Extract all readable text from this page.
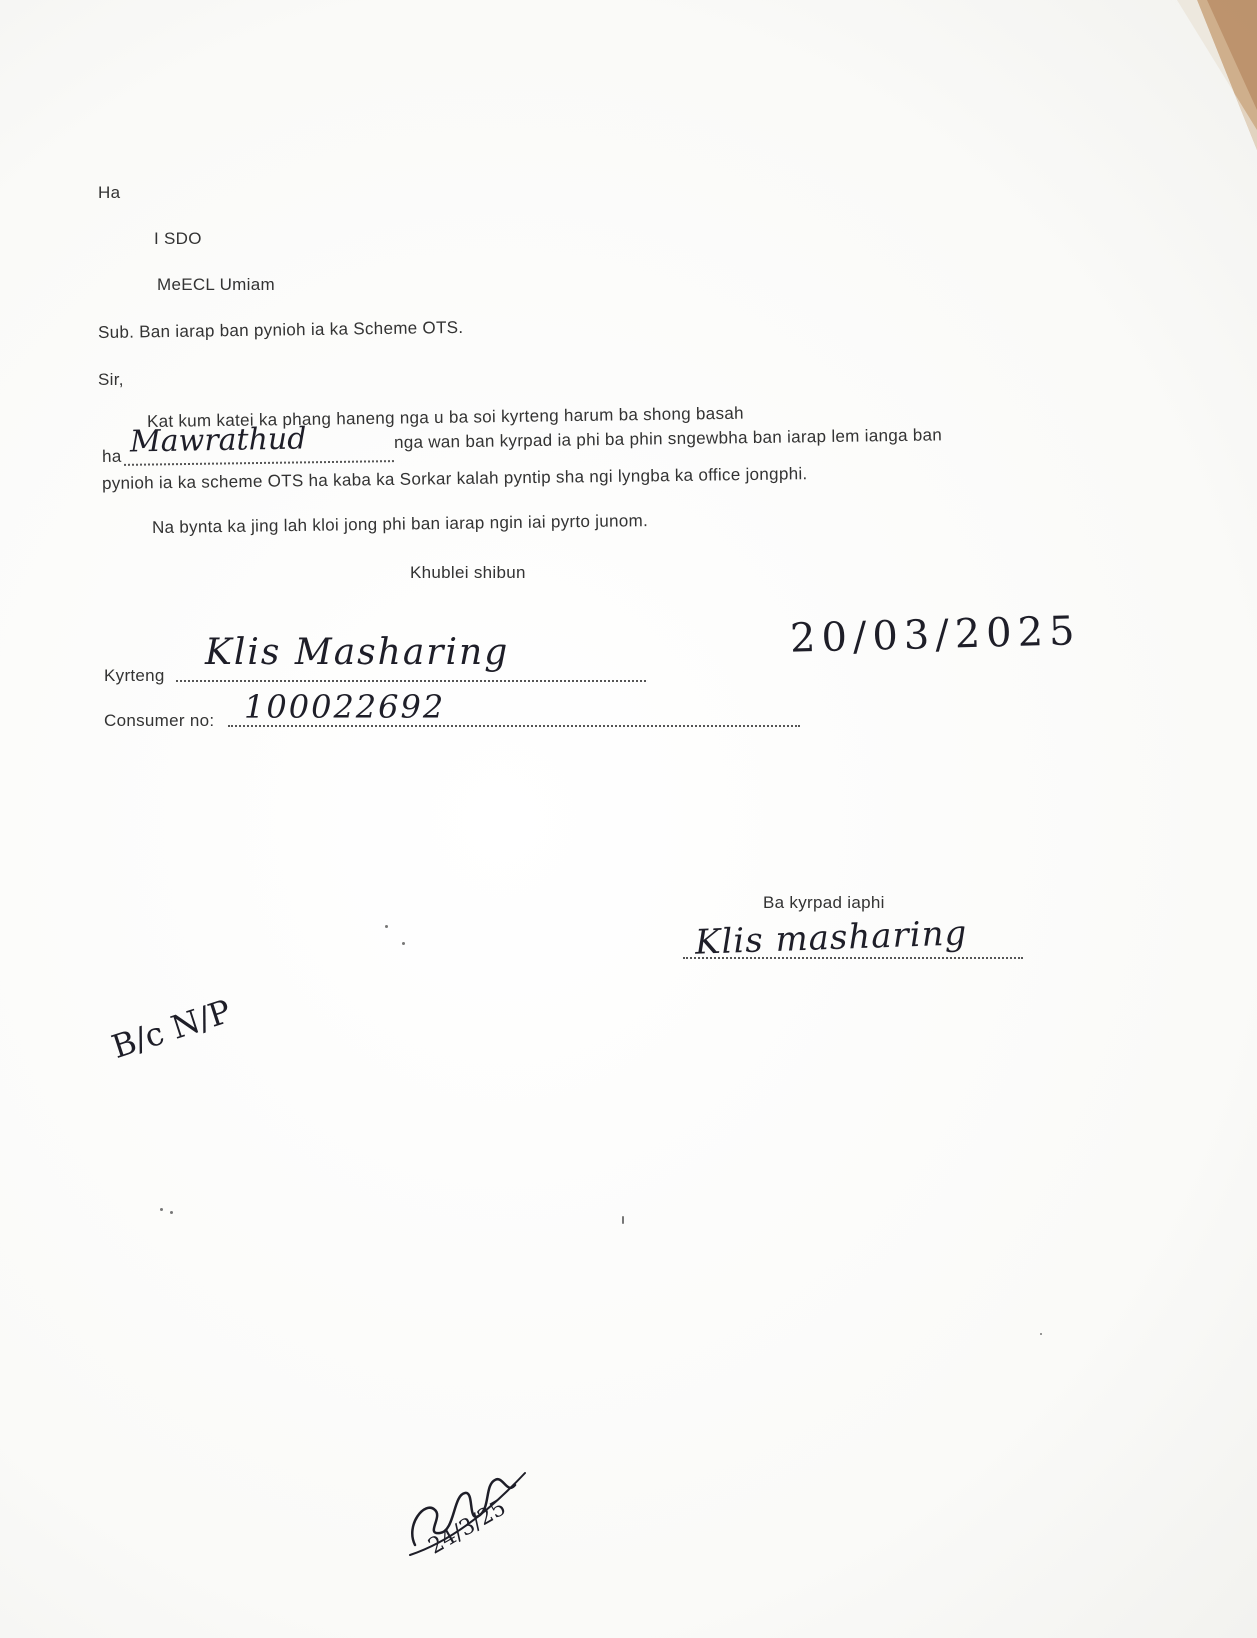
Ha
I SDO
MeECL Umiam
Sub. Ban iarap ban pynioh ia ka Scheme OTS.
Sir,
Kat kum katei ka phang haneng nga u ba soi kyrteng harum ba shong basah
ha Mawrathud	nga wan ban kyrpad ia phi ba phin sngewbha ban iarap lem ianga ban
pynioh ia ka scheme OTS ha kaba ka Sorkar kalah pyntip sha ngi lyngba ka office jongphi.
Na bynta ka jing lah kloi jong phi ban iarap ngin iai pyrto junom.
Khublei shibun
20/03/2025
Kyrteng
Klis Masharing
Consumer no: 100022692
Ba kyrpad iaphi
Klis masharing
B/c N/P
24/3/25
